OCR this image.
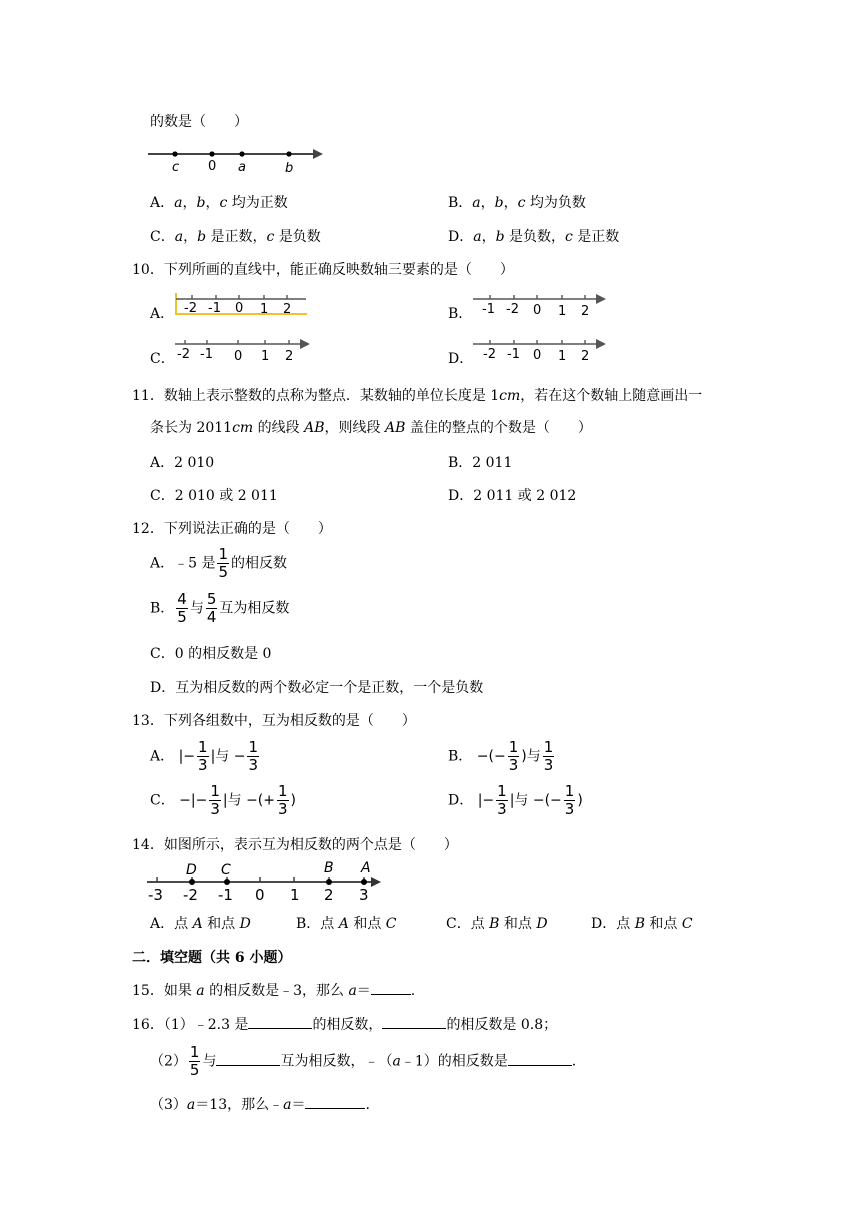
的数是（　　）
c 0 a	b
A．a，b，c 均为正数	B．a，b，c 均为负数
C．a，b 是正数，c 是负数	D．a，b 是负数，c 是正数
10．下列所画的直线中，能正确反映数轴三要素的是（　　）
A． -2 -1 0 1 2	B． -1 -2 0 1 2
C． -2 -1 0 1 2	D． -2 -1 0 1 2
11．数轴上表示整数的点称为整点．某数轴的单位长度是 1cm，若在这个数轴上随意画出一
条长为 2011cm 的线段 AB，则线段 AB 盖住的整点的个数是（　　）
A．2 010	B．2 011
C．2 010 或 2 011	D．2 011 或 2 012
12．下列说法正确的是（　　）
A．﹣5 是 $\frac{1}{5}$ 的相反数
B． $\frac{4}{5}$ 与 $\frac{5}{4}$ 互为相反数
C．0 的相反数是 0
D．互为相反数的两个数必定一个是正数，一个是负数
13．下列各组数中，互为相反数的是（　　）
A． |− $\frac{1}{3}$ |与 − $\frac{1}{3}$	B． −(− $\frac{1}{3}$ )与 $\frac{1}{3}$
C． −|− $\frac{1}{3}$ |与 −(+ $\frac{1}{3}$ )	D． |− $\frac{1}{3}$ |与 −(− $\frac{1}{3}$ )
14．如图所示，表示互为相反数的两个点是（　　）
D C	B A
-3 -2 -1 0 1 2 3
A．点 A 和点 D	B．点 A 和点 C	C．点 B 和点 D	D．点 B 和点 C
二．填空题（共 6 小题）
15．如果 a 的相反数是﹣3，那么 a＝	.
16．（1）﹣2.3 是	的相反数，	的相反数是 0.8；
$(2) \frac{1}{5}$ 与	互为相反数，﹣（a﹣1）的相反数是	.
（3）a＝13，那么﹣a＝	.
